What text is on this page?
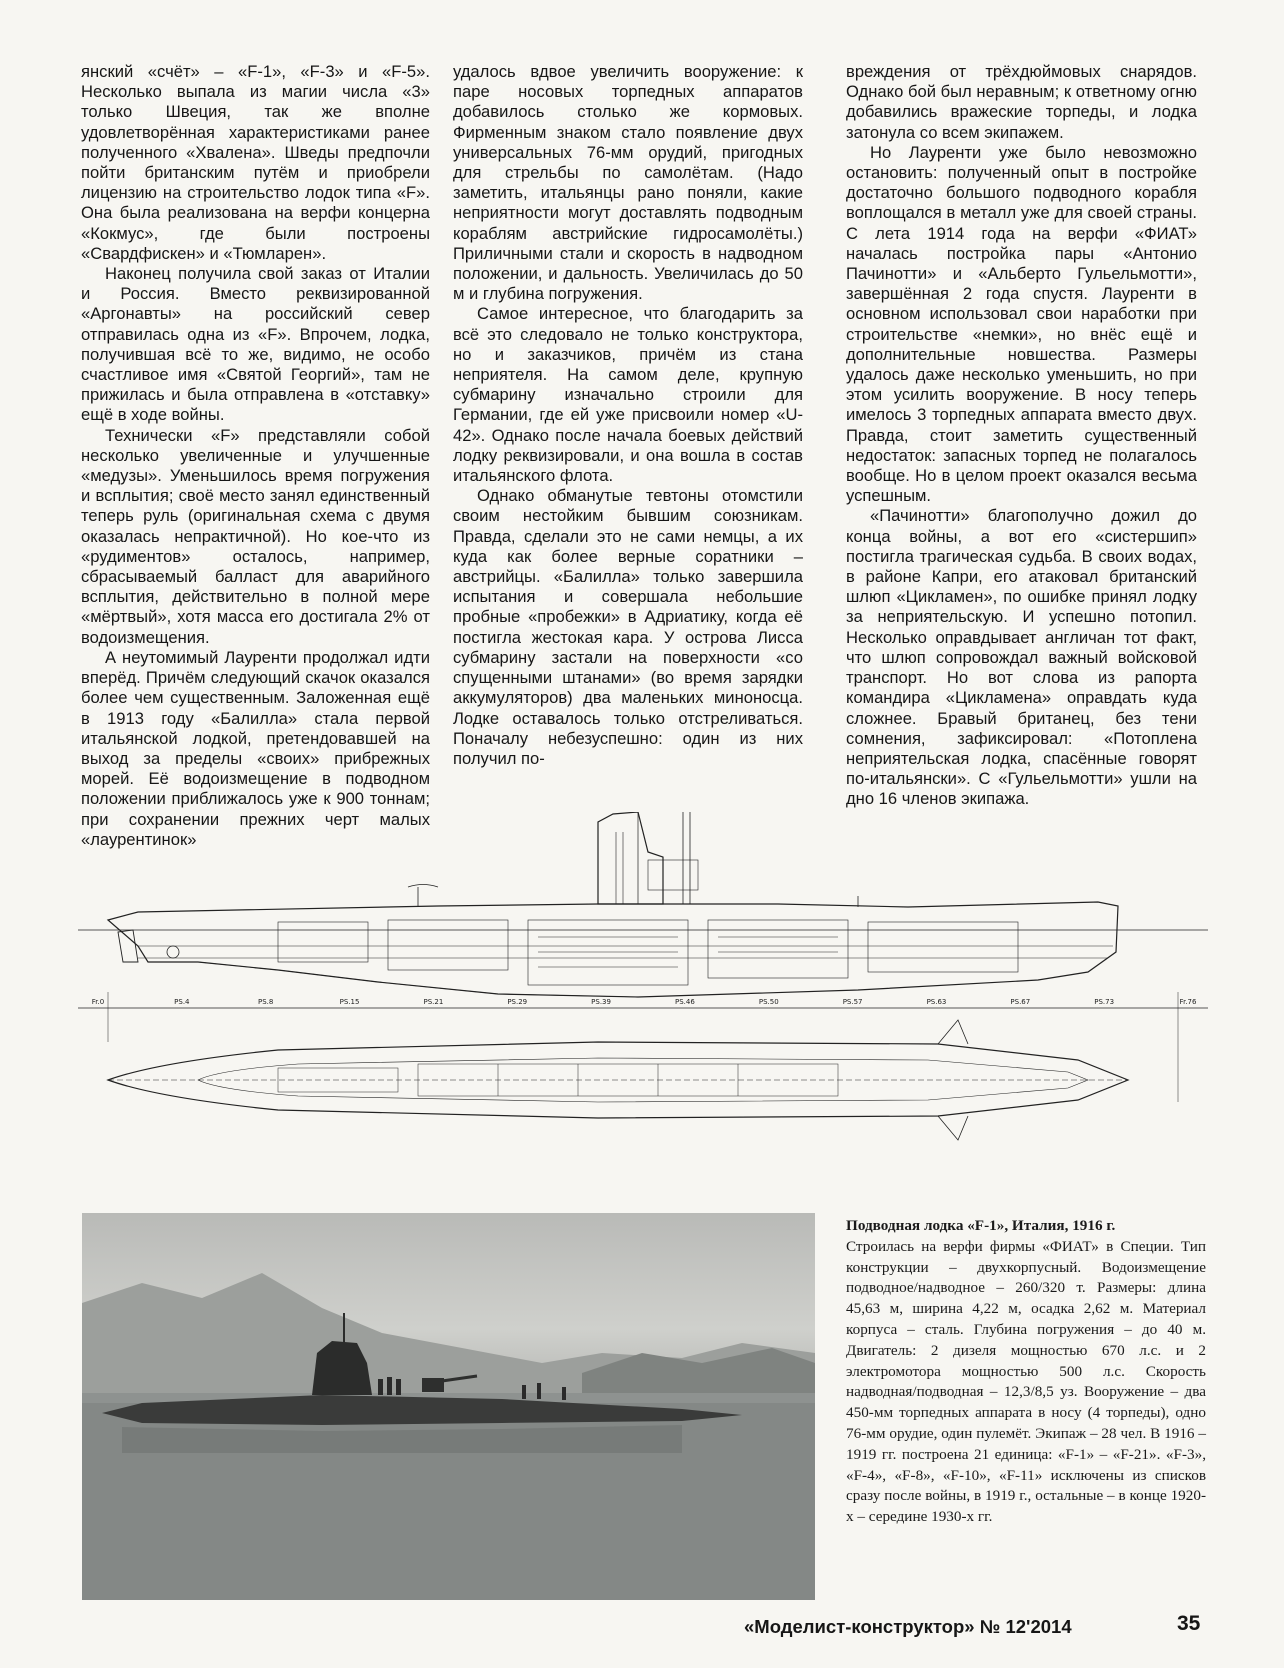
янский «счёт» – «F-1», «F-3» и «F-5». Несколько выпала из магии числа «3» только Швеция, так же вполне удовлетворённая характеристиками ранее полученного «Хвалена». Шведы предпочли пойти британским путём и приобрели лицензию на строительство лодок типа «F». Она была реализована на верфи концерна «Кокмус», где были построены «Свардфискен» и «Тюмларен».

Наконец получила свой заказ от Италии и Россия. Вместо реквизированной «Аргонавты» на российский север отправилась одна из «F». Впрочем, лодка, получившая всё то же, видимо, не особо счастливое имя «Святой Георгий», там не прижилась и была отправлена в «отставку» ещё в ходе войны.

Технически «F» представляли собой несколько увеличенные и улучшенные «медузы». Уменьшилось время погружения и всплытия; своё место занял единственный теперь руль (оригинальная схема с двумя оказалась непрактичной). Но кое-что из «рудиментов» осталось, например, сбрасываемый балласт для аварийного всплытия, действительно в полной мере «мёртвый», хотя масса его достигала 2% от водоизмещения.

А неутомимый Лауренти продолжал идти вперёд. Причём следующий скачок оказался более чем существенным. Заложенная ещё в 1913 году «Балилла» стала первой итальянской лодкой, претендовавшей на выход за пределы «своих» прибрежных морей. Её водоизмещение в подводном положении приближалось уже к 900 тоннам; при сохранении прежних черт малых «лаурентинок»

удалось вдвое увеличить вооружение: к паре носовых торпедных аппаратов добавилось столько же кормовых. Фирменным знаком стало появление двух универсальных 76-мм орудий, пригодных для стрельбы по самолётам. (Надо заметить, итальянцы рано поняли, какие неприятности могут доставлять подводным кораблям австрийские гидросамолёты.) Приличными стали и скорость в надводном положении, и дальность. Увеличилась до 50 м и глубина погружения.

Самое интересное, что благодарить за всё это следовало не только конструктора, но и заказчиков, причём из стана неприятеля. На самом деле, крупную субмарину изначально строили для Германии, где ей уже присвоили номер «U-42». Однако после начала боевых действий лодку реквизировали, и она вошла в состав итальянского флота.

Однако обманутые тевтоны отомстили своим нестойким бывшим союзникам. Правда, сделали это не сами немцы, а их куда как более верные соратники – австрийцы. «Балилла» только завершила испытания и совершала небольшие пробные «пробежки» в Адриатику, когда её постигла жестокая кара. У острова Лисса субмарину застали на поверхности «со спущенными штанами» (во время зарядки аккумуляторов) два маленьких миноносца. Лодке оставалось только отстреливаться. Поначалу небезуспешно: один из них получил по-

вреждения от трёхдюймовых снарядов. Однако бой был неравным; к ответному огню добавились вражеские торпеды, и лодка затонула со всем экипажем.

Но Лауренти уже было невозможно остановить: полученный опыт в постройке достаточно большого подводного корабля воплощался в металл уже для своей страны. С лета 1914 года на верфи «ФИАТ» началась постройка пары «Антонио Пачинотти» и «Альберто Гульельмотти», завершённая 2 года спустя. Лауренти в основном использовал свои наработки при строительстве «немки», но внёс ещё и дополнительные новшества. Размеры удалось даже несколько уменьшить, но при этом усилить вооружение. В носу теперь имелось 3 торпедных аппарата вместо двух. Правда, стоит заметить существенный недостаток: запасных торпед не полагалось вообще. Но в целом проект оказался весьма успешным.

«Пачинотти» благополучно дожил до конца войны, а вот его «систершип» постигла трагическая судьба. В своих водах, в районе Капри, его атаковал британский шлюп «Цикламен», по ошибке принял лодку за неприятельскую. И успешно потопил. Несколько оправдывает англичан тот факт, что шлюп сопровождал важный войсковой транспорт. Но вот слова из рапорта командира «Цикламена» оправдать куда сложнее. Бравый британец, без тени сомнения, зафиксировал: «Потоплена неприятельская лодка, спасённые говорят по-итальянски». С «Гульельмотти» ушли на дно 16 членов экипажа.

Fr.0	PS.4	PS.8	PS.15	PS.21	PS.29	PS.39	PS.46	PS.50	PS.57	PS.63	PS.67	PS.73	Fr.76
Подводная лодка «F-1», Италия, 1916 г.
Строилась на верфи фирмы «ФИАТ» в Специи. Тип конструкции – двухкорпусный. Водоизмещение подводное/надводное – 260/320 т. Размеры: длина 45,63 м, ширина 4,22 м, осадка 2,62 м. Материал корпуса – сталь. Глубина погружения – до 40 м. Двигатель: 2 дизеля мощностью 670 л.с. и 2 электромотора мощностью 500 л.с. Скорость надводная/подводная – 12,3/8,5 уз. Вооружение – два 450-мм торпедных аппарата в носу (4 торпеды), одно 76-мм орудие, один пулемёт. Экипаж – 28 чел. В 1916 – 1919 гг. построена 21 единица: «F-1» – «F-21». «F-3», «F-4», «F-8», «F-10», «F-11» исключены из списков сразу после войны, в 1919 г., остальные – в конце 1920-х – середине 1930-х гг.
«Моделист-конструктор» № 12'2014	35
